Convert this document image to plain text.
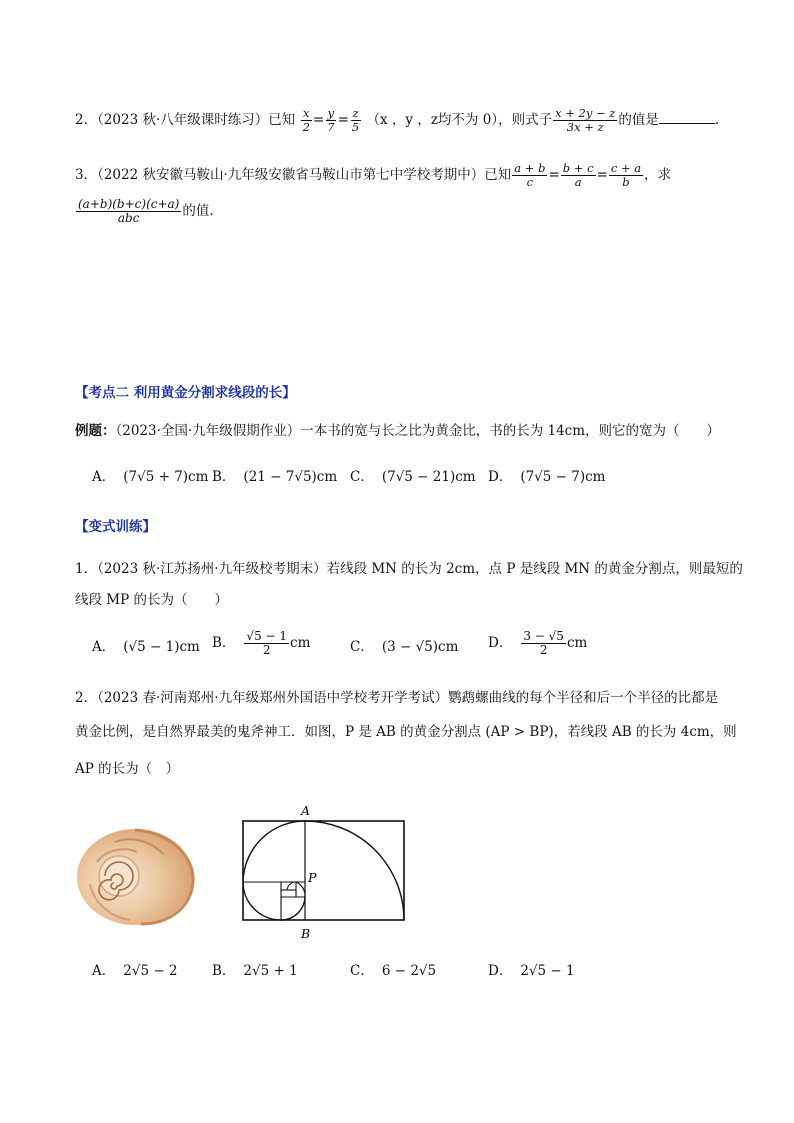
2．（2023 秋·八年级课时练习）已知 $\frac{x}{2} = \frac{y}{7} = \frac{z}{5} (x$ ，y ，z均不为 0），则式子 $\frac{x + 2y - z}{3x + z}$ 的值是	.
3．（2022 秋安徽马鞍山·九年级安徽省马鞍山市第七中学校考期中）已知 $\frac{a + b}{c} = \frac{b + c}{a} = \frac{c + a}{b}$ ，求
$\frac{(a+b)(b+c)(c+a)}{\text{abc}}$ 的值.
【考点二 利用黄金分割求线段的长】
例题：（2023·全国·九年级假期作业）一本书的宽与长之比为黄金比，书的长为 14cm，则它的宽为（　　）
A． (7√5 + 7)cm B． (21 − 7√5)cm C． (7√5 − 21)cm D． (7√5 − 7)cm
【变式训练】
1．（2023 秋·江苏扬州·九年级校考期末）若线段 MN 的长为 2cm，点 P 是线段 MN 的黄金分割点，则最短的
线段 MP 的长为（　　）
A． (√5 − 1)cm B． $\frac{√5 - 1}{2}$ cm	C． (3 − √5)cm D． $\frac{3 - √5}{2}$ cm
2．（2023 春·河南郑州·九年级郑州外国语中学校考开学考试）鹦鹉螺曲线的每个半径和后一个半径的比都是
黄金比例，是自然界最美的鬼斧神工．如图，P 是 AB 的黄金分割点 (AP > BP)，若线段 AB 的长为 4cm，则
AP 的长为（　）
A
P
B
A． 2√5 − 2	B． 2√5 + 1	C． 6 − 2√5	D． 2√5 − 1
